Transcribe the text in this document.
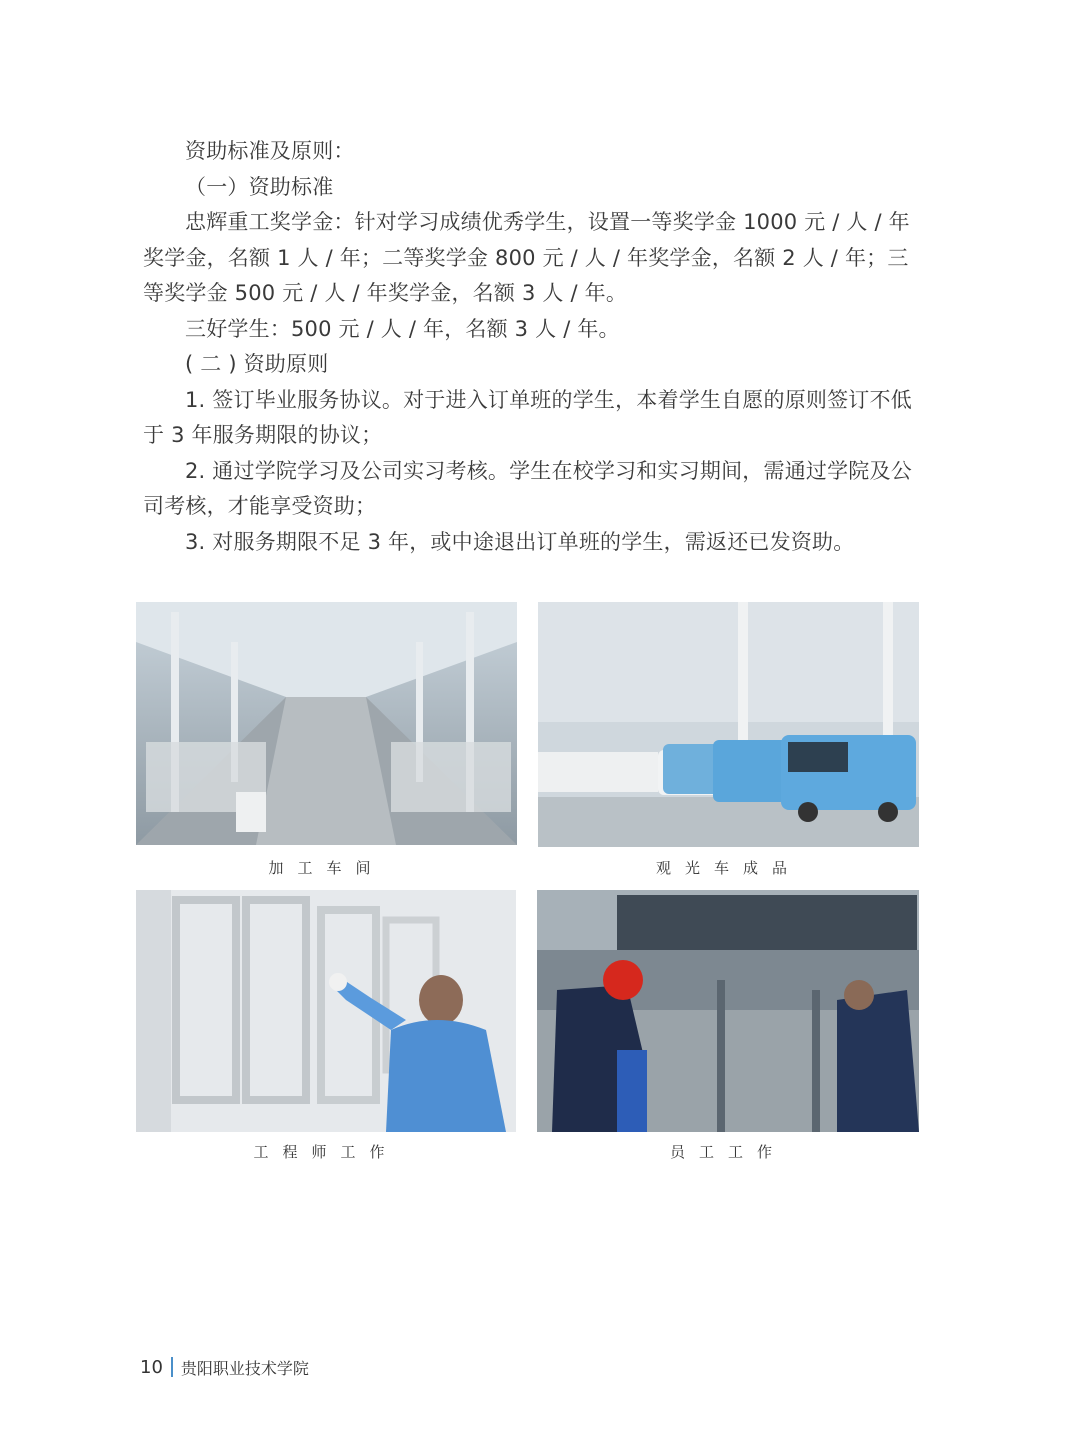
资助标准及原则：

（一）资助标准

忠辉重工奖学金：针对学习成绩优秀学生，设置一等奖学金 1000 元 / 人 / 年奖学金，名额 1 人 / 年；二等奖学金 800 元 / 人 / 年奖学金，名额 2 人 / 年；三等奖学金 500 元 / 人 / 年奖学金，名额 3 人 / 年。

三好学生：500 元 / 人 / 年，名额 3 人 / 年。

( 二 ) 资助原则

1. 签订毕业服务协议。对于进入订单班的学生，本着学生自愿的原则签订不低于 3 年服务期限的协议；

2. 通过学院学习及公司实习考核。学生在校学习和实习期间，需通过学院及公司考核，才能享受资助；

3. 对服务期限不足 3 年，或中途退出订单班的学生，需返还已发资助。

加工车间	观光车成品
工程师工作	员工工作
10 贵阳职业技术学院
